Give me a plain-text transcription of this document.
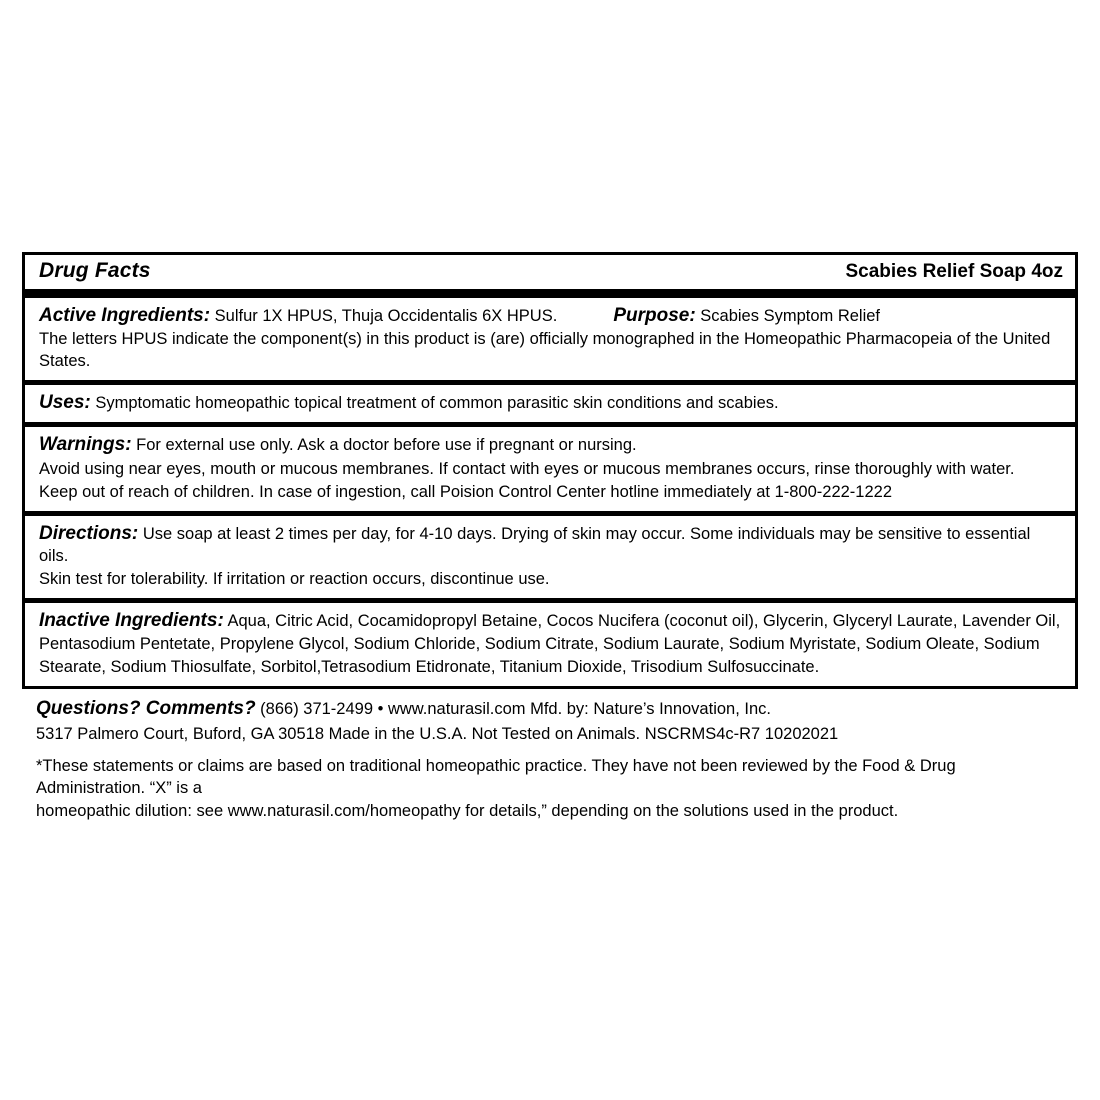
Drug Facts	Scabies Relief Soap 4oz
Active Ingredients: Sulfur 1X HPUS, Thuja Occidentalis 6X HPUS.	Purpose: Scabies Symptom Relief
The letters HPUS indicate the component(s) in this product is (are) officially monographed in the Homeopathic Pharmacopeia of the United States.
Uses: Symptomatic homeopathic topical treatment of common parasitic skin conditions and scabies.
Warnings: For external use only. Ask a doctor before use if pregnant or nursing.
Avoid using near eyes, mouth or mucous membranes. If contact with eyes or mucous membranes occurs, rinse thoroughly with water.
Keep out of reach of children. In case of ingestion, call Poision Control Center hotline immediately at 1-800-222-1222
Directions: Use soap at least 2 times per day, for 4-10 days. Drying of skin may occur. Some individuals may be sensitive to essential oils.
Skin test for tolerability. If irritation or reaction occurs, discontinue use.
Inactive Ingredients: Aqua, Citric Acid, Cocamidopropyl Betaine, Cocos Nucifera (coconut oil), Glycerin, Glyceryl Laurate, Lavender Oil,
Pentasodium Pentetate, Propylene Glycol, Sodium Chloride, Sodium Citrate, Sodium Laurate, Sodium Myristate, Sodium Oleate, Sodium
Stearate, Sodium Thiosulfate, Sorbitol,Tetrasodium Etidronate, Titanium Dioxide, Trisodium Sulfosuccinate.
Questions? Comments? (866) 371-2499 • www.naturasil.com Mfd. by: Nature’s Innovation, Inc.
5317 Palmero Court, Buford, GA 30518 Made in the U.S.A. Not Tested on Animals. NSCRMS4c-R7 10202021
*These statements or claims are based on traditional homeopathic practice. They have not been reviewed by the Food & Drug Administration. “X” is a
homeopathic dilution: see www.naturasil.com/homeopathy for details,” depending on the solutions used in the product.
